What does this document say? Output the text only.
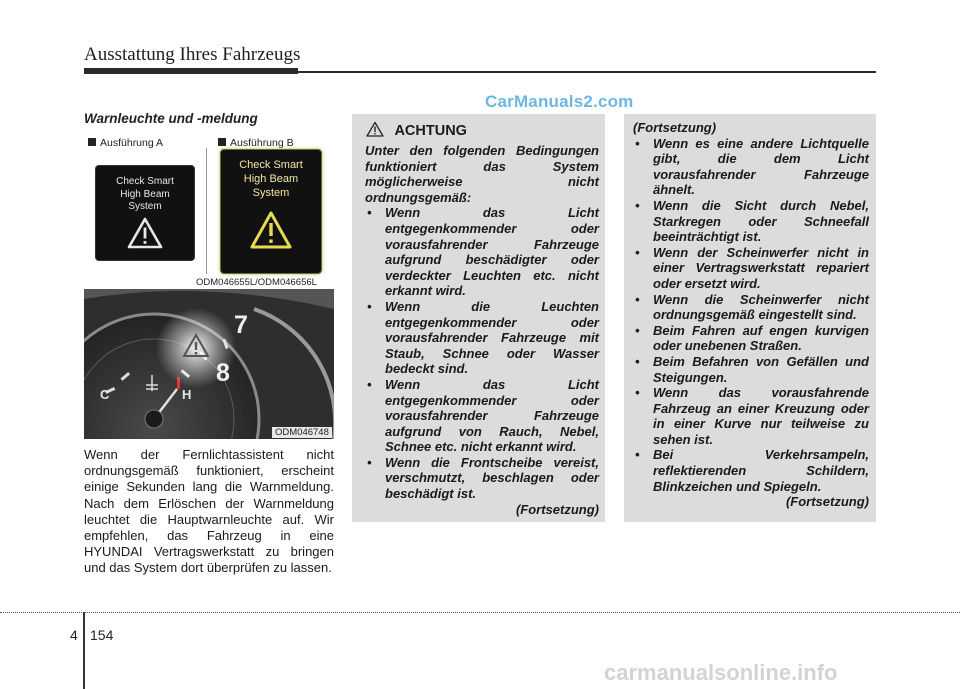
Ausstattung Ihres Fahrzeugs
CarManuals2.com
Warnleuchte und -meldung
Ausführung A	Ausführung B
Check Smart
High Beam
System
Check Smart
High Beam
System
ODM046655L/ODM046656L
C	H
7
8
ODM046748
Wenn der Fernlichtassistent nicht ordnungsgemäß funktioniert, erscheint einige Sekunden lang die Warnmeldung. Nach dem Erlöschen der Warnmeldung leuchtet die Hauptwarnleuchte auf. Wir empfehlen, das Fahrzeug in eine HYUNDAI Vertragswerkstatt zu bringen und das System dort überprüfen zu lassen.
ACHTUNG
Unter den folgenden Bedingungen funktioniert das System möglicherweise nicht ordnungsgemäß:
• Wenn das Licht entgegenkommender oder vorausfahrender Fahrzeuge aufgrund beschädigter oder verdeckter Leuchten etc. nicht erkannt wird.
• Wenn die Leuchten entgegenkommender oder vorausfahrender Fahrzeuge mit Staub, Schnee oder Wasser bedeckt sind.
• Wenn das Licht entgegenkommender oder vorausfahrender Fahrzeuge aufgrund von Rauch, Nebel, Schnee etc. nicht erkannt wird.
• Wenn die Frontscheibe vereist, verschmutzt, beschlagen oder beschädigt ist.
(Fortsetzung)
(Fortsetzung)
• Wenn es eine andere Lichtquelle gibt, die dem Licht vorausfahrender Fahrzeuge ähnelt.
• Wenn die Sicht durch Nebel, Starkregen oder Schneefall beeinträchtigt ist.
• Wenn der Scheinwerfer nicht in einer Vertragswerkstatt repariert oder ersetzt wird.
• Wenn die Scheinwerfer nicht ordnungsgemäß eingestellt sind.
• Beim Fahren auf engen kurvigen oder unebenen Straßen.
• Beim Befahren von Gefällen und Steigungen.
• Wenn das vorausfahrende Fahrzeug an einer Kreuzung oder in einer Kurve nur teilweise zu sehen ist.
• Bei Verkehrsampeln, reflektierenden Schildern, Blinkzeichen und Spiegeln.
(Fortsetzung)
4 154
carmanualsonline.info
